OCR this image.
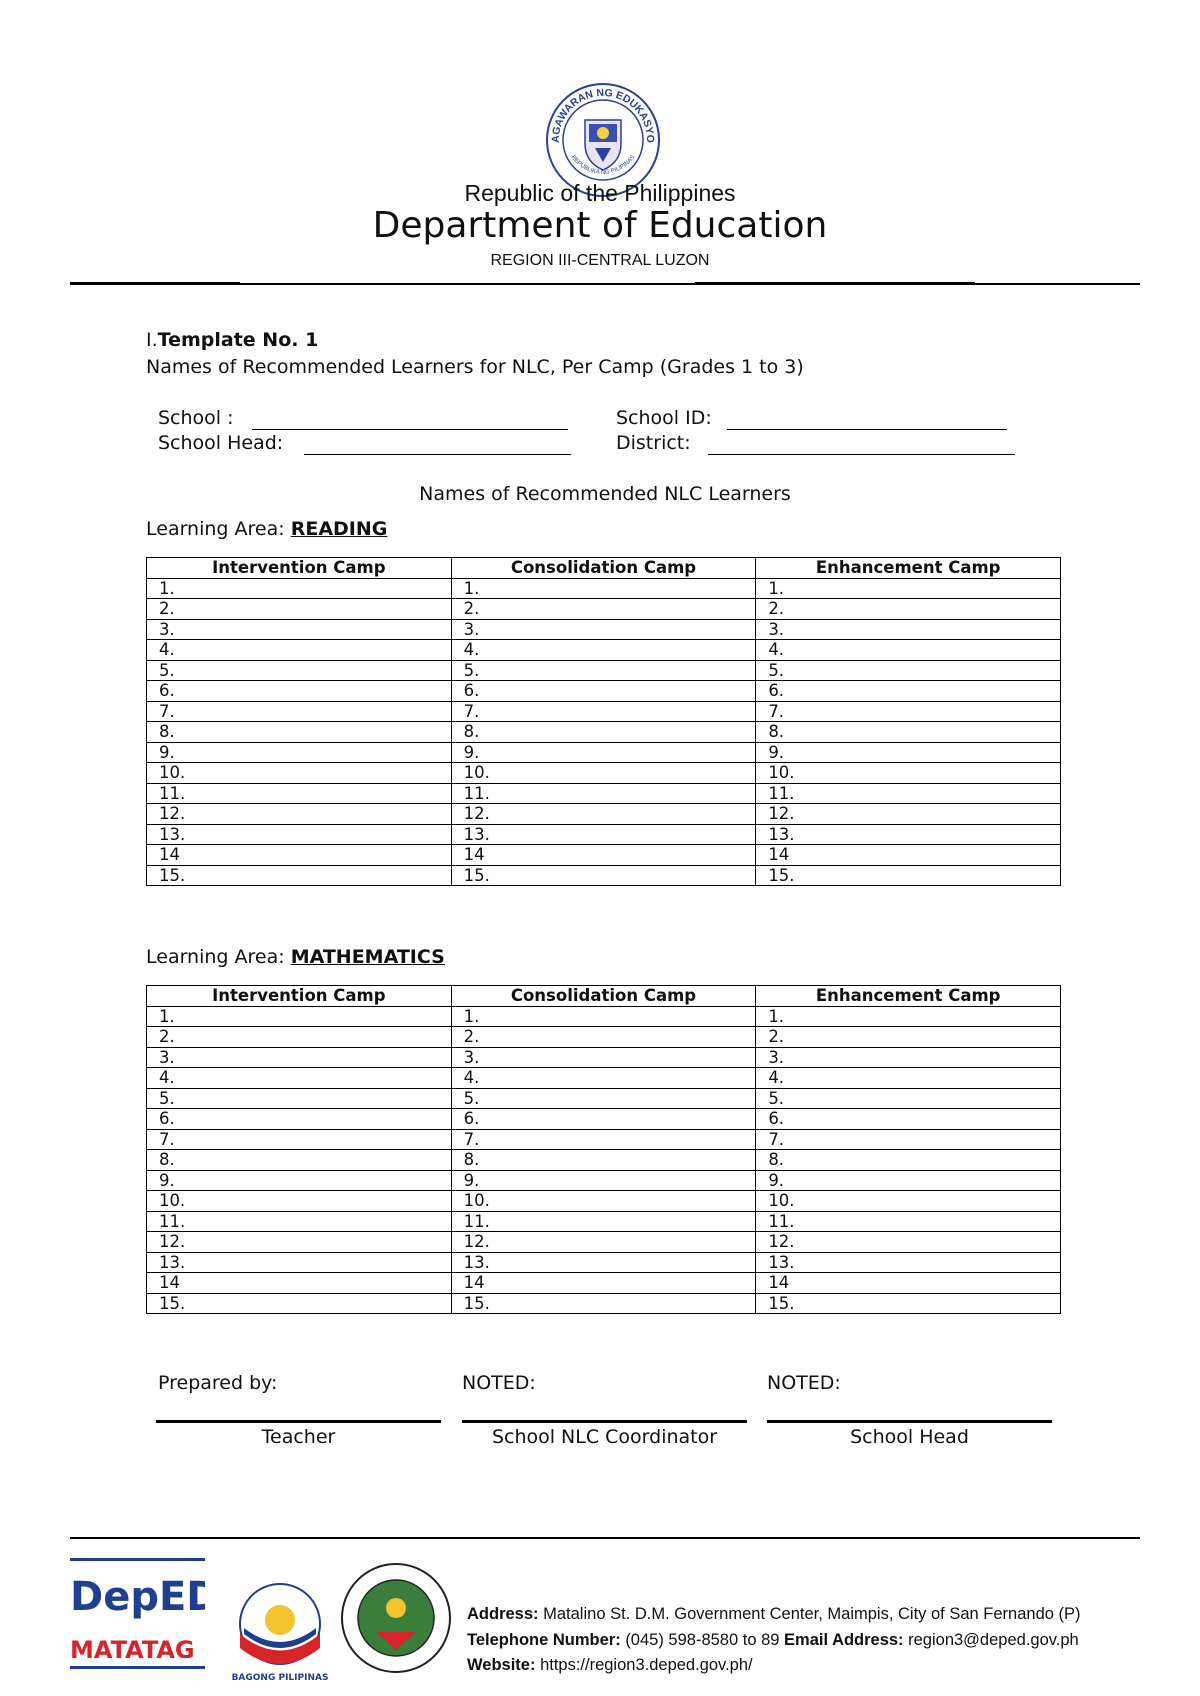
AGAWARAN NG EDUKASYO
REPUBLIKA NG PILIPINAS
Republic of the Philippines
Department of Education
REGION III-CENTRAL LUZON
I.Template No. 1
Names of Recommended Learners for NLC, Per Camp (Grades 1 to 3)
School :
School Head:
School ID:
District:
Names of Recommended NLC Learners
Learning Area: READING
Intervention Camp	Consolidation Camp	Enhancement Camp
1.	1.	1.
2.	2.	2.
3.	3.	3.
4.	4.	4.
5.	5.	5.
6.	6.	6.
7.	7.	7.
8.	8.	8.
9.	9.	9.
10.	10.	10.
11.	11.	11.
12.	12.	12.
13.	13.	13.
14	14	14
15.	15.	15.
Learning Area: MATHEMATICS
Intervention Camp	Consolidation Camp	Enhancement Camp
1.	1.	1.
2.	2.	2.
3.	3.	3.
4.	4.	4.
5.	5.	5.
6.	6.	6.
7.	7.	7.
8.	8.	8.
9.	9.	9.
10.	10.	10.
11.	11.	11.
12.	12.	12.
13.	13.	13.
14	14	14
15.	15.	15.
Prepared by:	NOTED:	NOTED:
Teacher	School NLC Coordinator	School Head
DepED
MATATAG
BAGONG PILIPINAS
Address: Matalino St. D.M. Government Center, Maimpis, City of San Fernando (P)
Telephone Number: (045) 598-8580 to 89 Email Address: region3@deped.gov.ph
Website: https://region3.deped.gov.ph/
